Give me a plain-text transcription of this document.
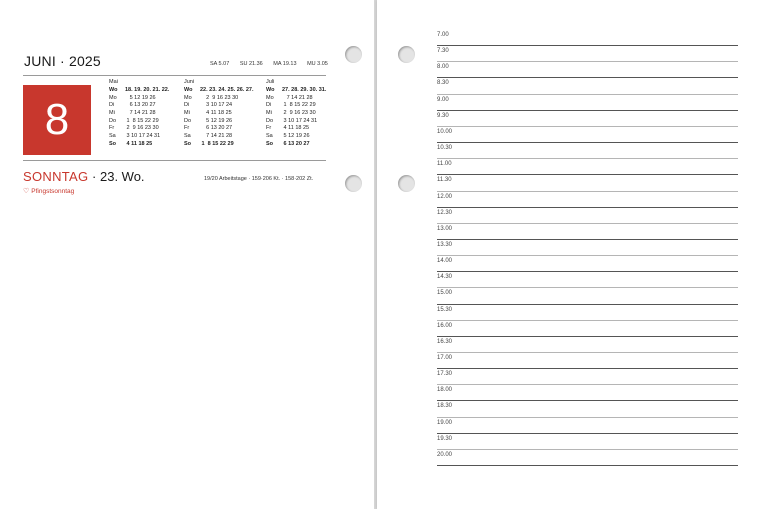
JUNI · 2025	SA 5.07 SU 21.36 MA 19.13 MU 3.05
8
Mai
Wo	18. 19. 20. 21. 22.
Mo	5 12 19 26
Di	6 13 20 27
Mi	7 14 21 28
Do	1  8 15 22 29
Fr	2  9 16 23 30
Sa	3 10 17 24 31
So	4 11 18 25
Juni
Wo	22. 23. 24. 25. 26. 27.
Mo	2  9 16 23 30
Di	3 10 17 24
Mi	4 11 18 25
Do	5 12 19 26
Fr	6 13 20 27
Sa	7 14 21 28
So	1  8 15 22 29
Juli
Wo	27. 28. 29. 30. 31.
Mo	7 14 21 28
Di	1  8 15 22 29
Mi	2  9 16 23 30
Do	3 10 17 24 31
Fr	4 11 18 25
Sa	5 12 19 26
So	6 13 20 27
SONNTAG · 23. Wo.	19/20 Arbeitstage · 159·206 Kt. · 158·202 Zt.
♡ Pfingstsonntag
7.00
7.30
8.00
8.30
9.00
9.30
10.00
10.30
11.00
11.30
12.00
12.30
13.00
13.30
14.00
14.30
15.00
15.30
16.00
16.30
17.00
17.30
18.00
18.30
19.00
19.30
20.00
